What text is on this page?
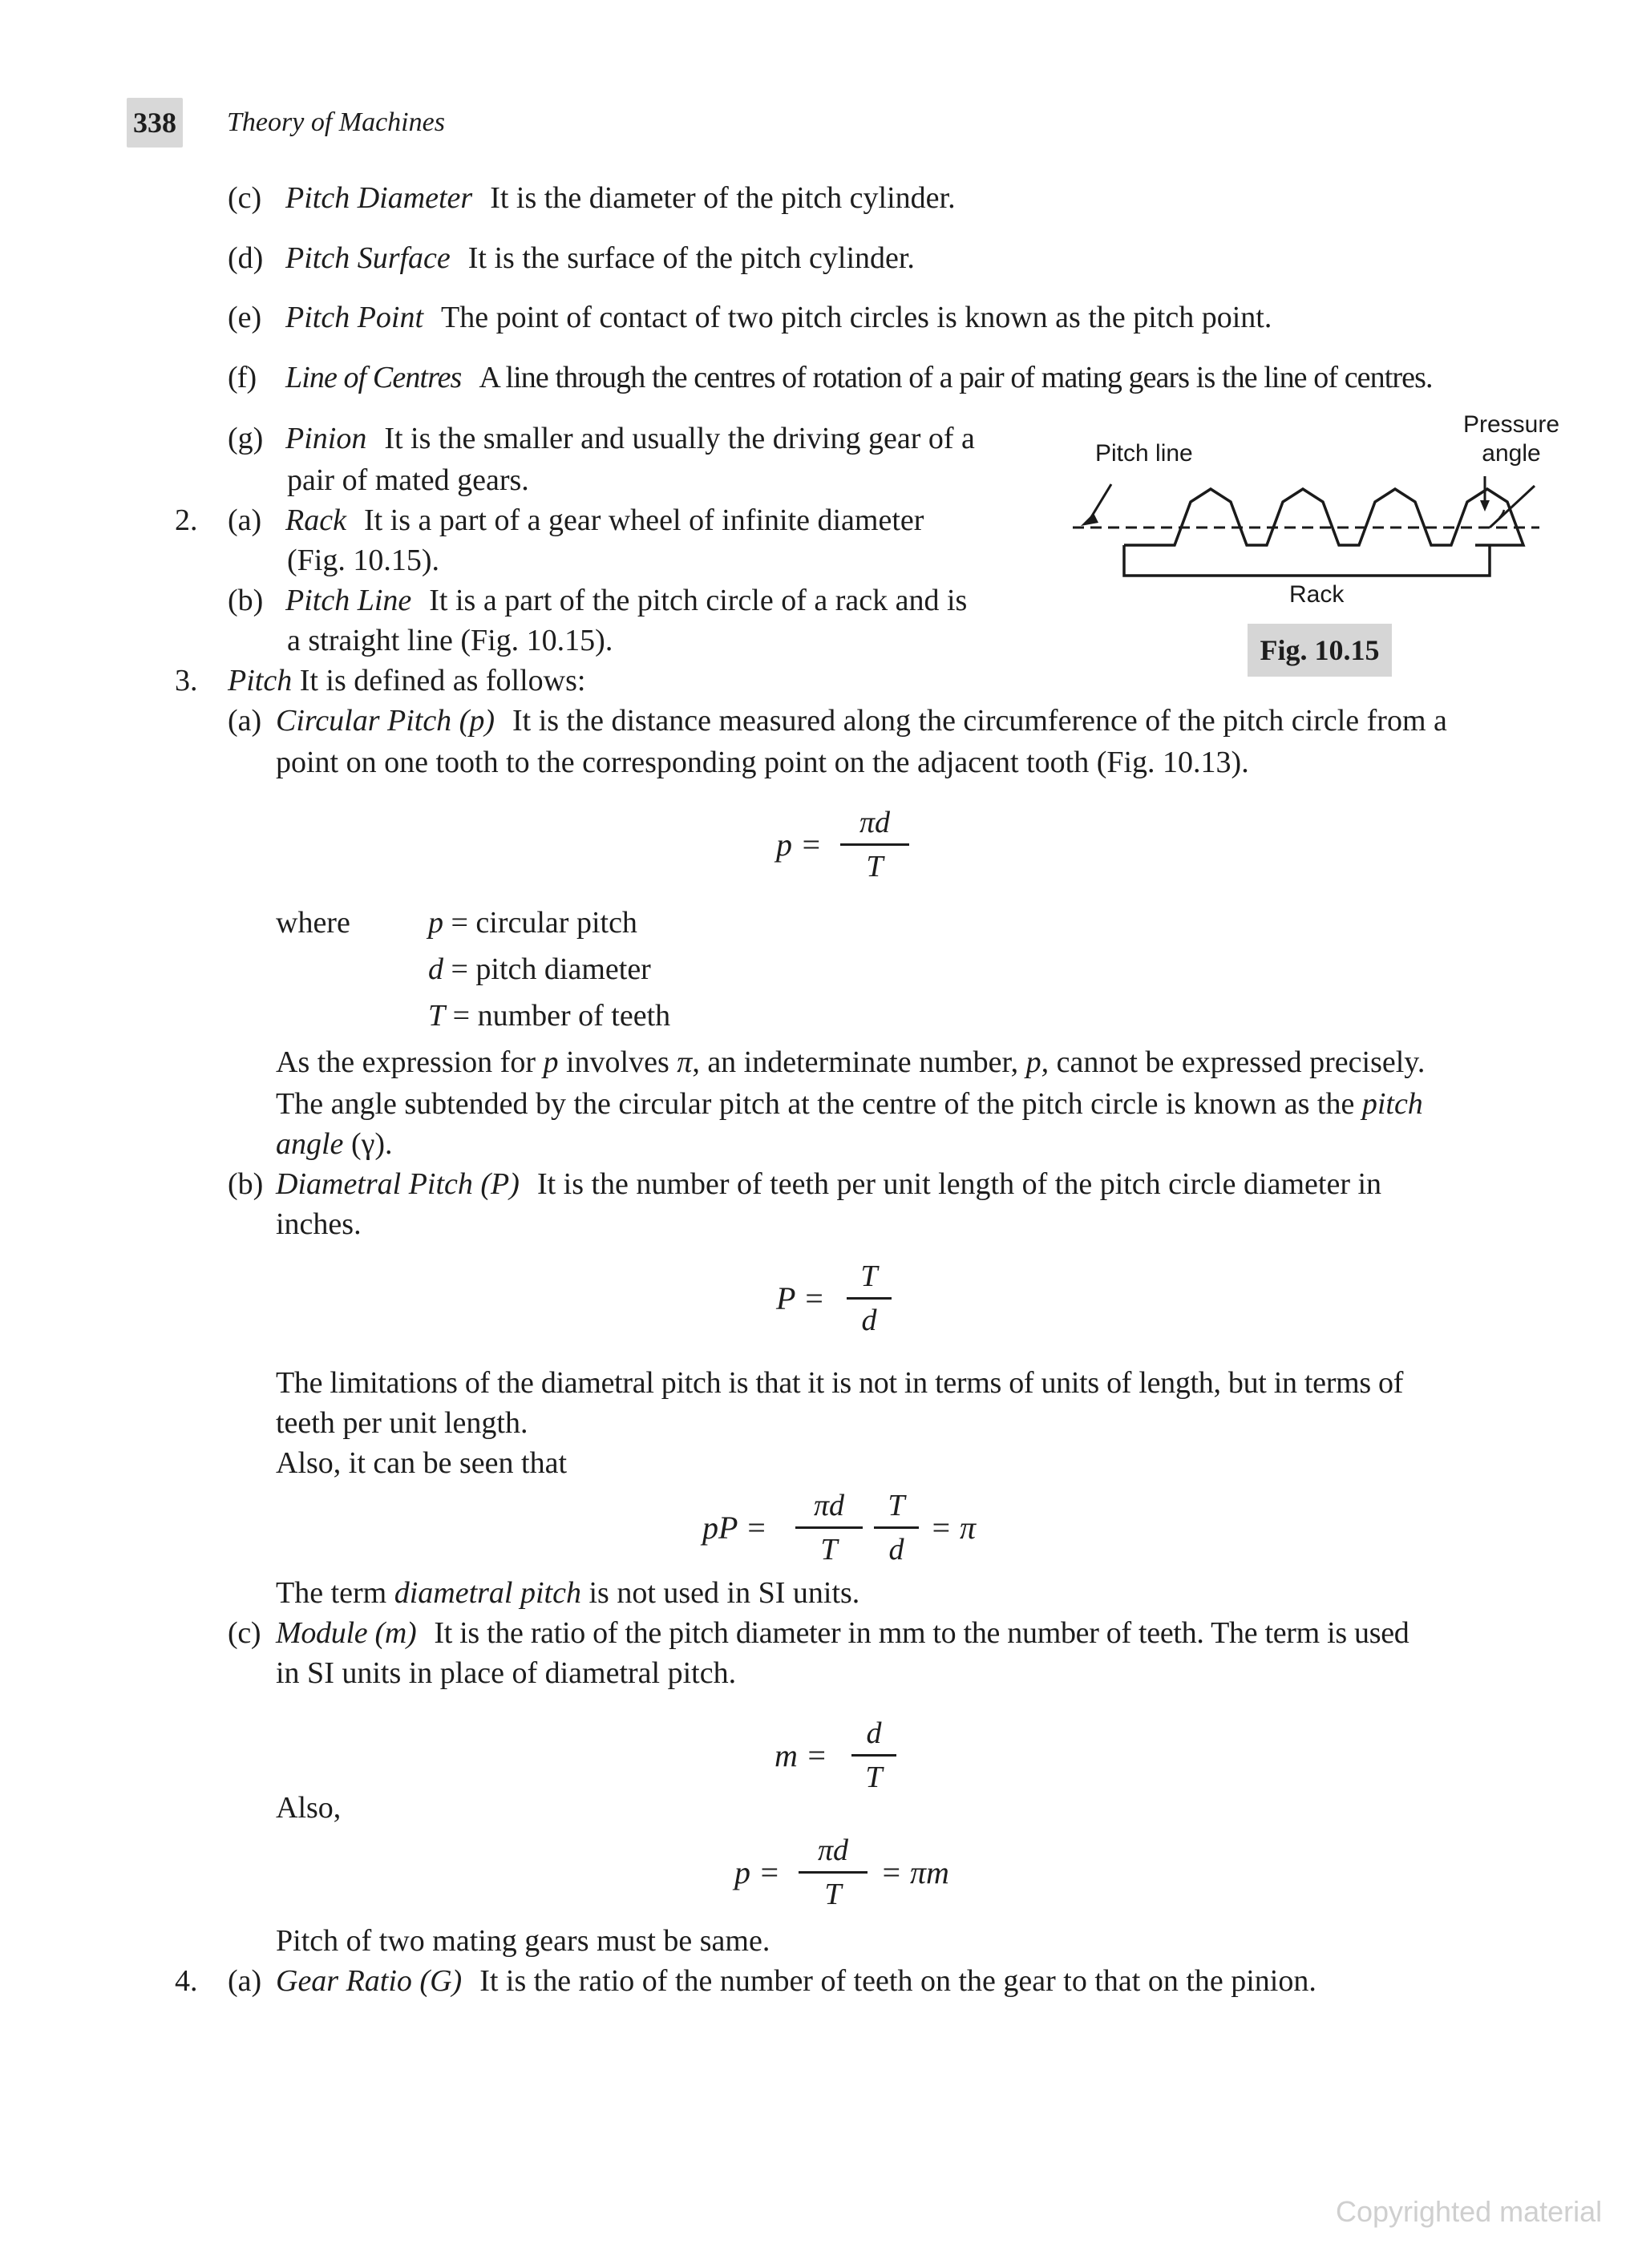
338 Theory of Machines
(c) Pitch Diameter It is the diameter of the pitch cylinder.
(d) Pitch Surface It is the surface of the pitch cylinder.
(e) Pitch Point The point of contact of two pitch circles is known as the pitch point.
(f) Line of Centres A line through the centres of rotation of a pair of mating gears is the line of centres.
(g) Pinion It is the smaller and usually the driving gear of a
pair of mated gears.
2. (a) Rack It is a part of a gear wheel of infinite diameter
(Fig. 10.15).
(b) Pitch Line It is a part of the pitch circle of a rack and is
a straight line (Fig. 10.15).
Pitch line
Pressure
angle
Rack
Fig. 10.15
3. Pitch It is defined as follows:
(a) Circular Pitch (p) It is the distance measured along the circumference of the pitch circle from a
point on one tooth to the corresponding point on the adjacent tooth (Fig. 10.13).
p =
πd
T
where	p = circular pitch
d = pitch diameter
T = number of teeth
As the expression for p involves π, an indeterminate number, p, cannot be expressed precisely.
The angle subtended by the circular pitch at the centre of the pitch circle is known as the pitch
angle (γ).
(b) Diametral Pitch (P) It is the number of teeth per unit length of the pitch circle diameter in
inches.
P =
T
d
The limitations of the diametral pitch is that it is not in terms of units of length, but in terms of
teeth per unit length.
Also, it can be seen that
pP =
πd
T
T
d
= π
The term diametral pitch is not used in SI units.
(c) Module (m) It is the ratio of the pitch diameter in mm to the number of teeth. The term is used
in SI units in place of diametral pitch.
m =
d
T
Also,
p =
πd
T
= πm
Pitch of two mating gears must be same.
4. (a) Gear Ratio (G) It is the ratio of the number of teeth on the gear to that on the pinion.
Copyrighted material
